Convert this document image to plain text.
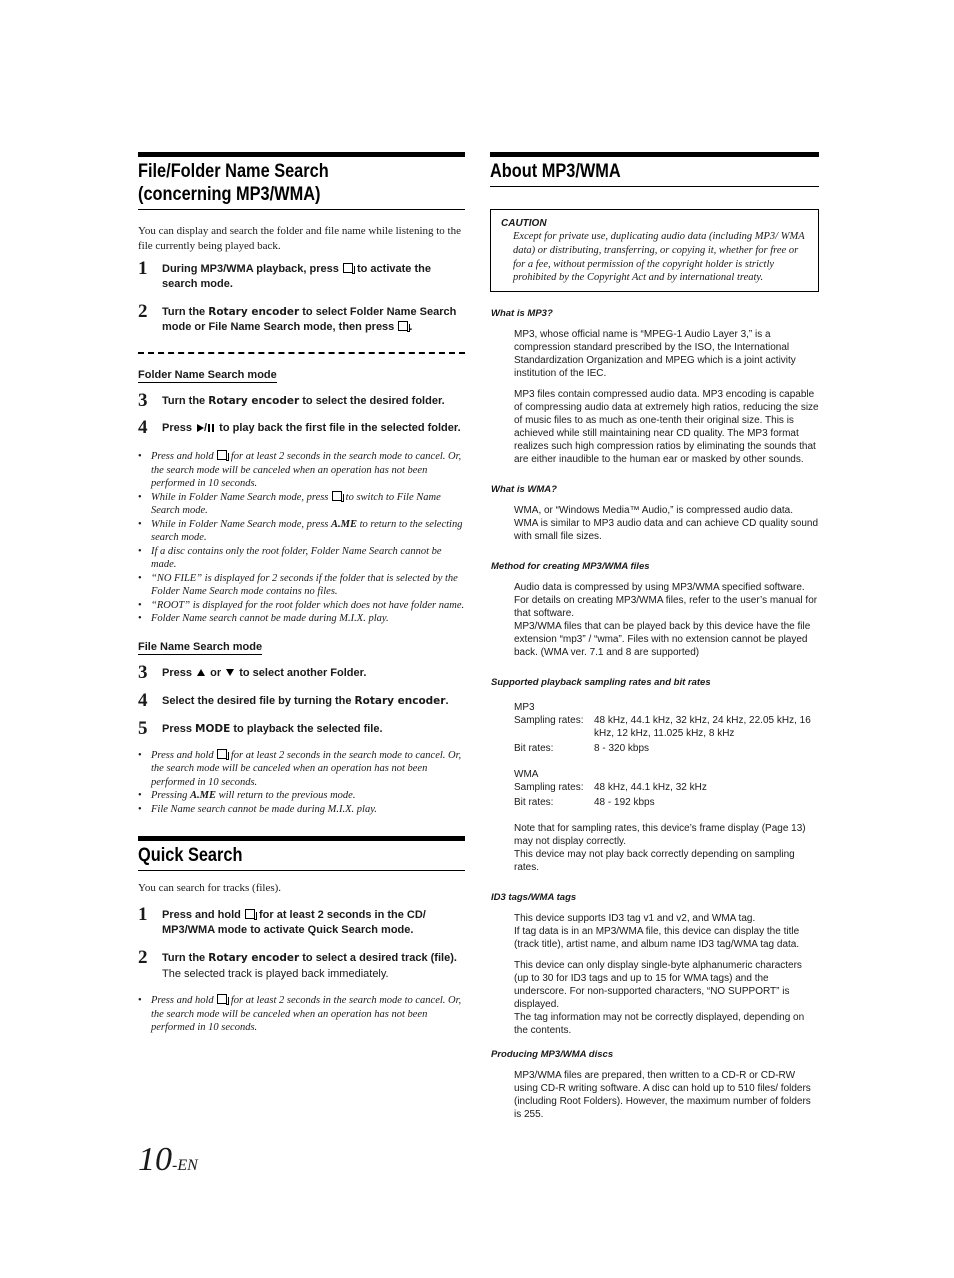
File/Folder Name Search
(concerning MP3/WMA)

You can display and search the folder and file name while listening to the file currently being played back.

1 During MP3/WMA playback, press to activate the search mode.
2 Turn the Rotary encoder to select Folder Name Search mode or File Name Search mode, then press .
Folder Name Search mode
3 Turn the Rotary encoder to select the desired folder.
4 Press / to play back the first file in the selected folder.
• Press and hold for at least 2 seconds in the search mode to cancel. Or, the search mode will be canceled when an operation has not been performed in 10 seconds.
• While in Folder Name Search mode, press to switch to File Name Search mode.
• While in Folder Name Search mode, press A.ME to return to the selecting search mode.
• If a disc contains only the root folder, Folder Name Search cannot be made.
• “NO FILE” is displayed for 2 seconds if the folder that is selected by the Folder Name Search mode contains no files.
• “ROOT” is displayed for the root folder which does not have folder name.
• Folder Name search cannot be made during M.I.X. play.
File Name Search mode
3 Press or to select another Folder.
4 Select the desired file by turning the Rotary encoder.
5 Press MODE to playback the selected file.
• Press and hold for at least 2 seconds in the search mode to cancel. Or, the search mode will be canceled when an operation has not been performed in 10 seconds.
• Pressing A.ME will return to the previous mode.
• File Name search cannot be made during M.I.X. play.
Quick Search

You can search for tracks (files).

1 Press and hold for at least 2 seconds in the CD/ MP3/WMA mode to activate Quick Search mode.
2 Turn the Rotary encoder to select a desired track (file).
The selected track is played back immediately.
• Press and hold for at least 2 seconds in the search mode to cancel. Or, the search mode will be canceled when an operation has not been performed in 10 seconds.
About MP3/WMA
CAUTION
Except for private use, duplicating audio data (including MP3/ WMA data) or distributing, transferring, or copying it, whether for free or for a fee, without permission of the copyright holder is strictly prohibited by the Copyright Act and by international treaty.
What is MP3?

MP3, whose official name is “MPEG-1 Audio Layer 3,” is a compression standard prescribed by the ISO, the International Standardization Organization and MPEG which is a joint activity institution of the IEC.

MP3 files contain compressed audio data. MP3 encoding is capable of compressing audio data at extremely high ratios, reducing the size of music files to as much as one-tenth their original size. This is achieved while still maintaining near CD quality. The MP3 format realizes such high compression ratios by eliminating the sounds that are either inaudible to the human ear or masked by other sounds.

What is WMA?

WMA, or “Windows Media™ Audio,” is compressed audio data. WMA is similar to MP3 audio data and can achieve CD quality sound with small file sizes.

Method for creating MP3/WMA files

Audio data is compressed by using MP3/WMA specified software. For details on creating MP3/WMA files, refer to the user’s manual for that software.

MP3/WMA files that can be played back by this device have the file extension “mp3” / “wma”. Files with no extension cannot be played back. (WMA ver. 7.1 and 8 are supported)

Supported playback sampling rates and bit rates

MP3

Sampling rates:	48 kHz, 44.1 kHz, 32 kHz, 24 kHz, 22.05 kHz, 16 kHz, 12 kHz, 11.025 kHz, 8 kHz
Bit rates:	8 - 320 kbps

WMA

Sampling rates:	48 kHz, 44.1 kHz, 32 kHz
Bit rates:	48 - 192 kbps

Note that for sampling rates, this device’s frame display (Page 13) may not display correctly.

This device may not play back correctly depending on sampling rates.

ID3 tags/WMA tags

This device supports ID3 tag v1 and v2, and WMA tag.

If tag data is in an MP3/WMA file, this device can display the title (track title), artist name, and album name ID3 tag/WMA tag data.

This device can only display single-byte alphanumeric characters (up to 30 for ID3 tags and up to 15 for WMA tags) and the underscore. For non-supported characters, “NO SUPPORT” is displayed.

The tag information may not be correctly displayed, depending on the contents.

Producing MP3/WMA discs

MP3/WMA files are prepared, then written to a CD-R or CD-RW using CD-R writing software. A disc can hold up to 510 files/ folders (including Root Folders). However, the maximum number of folders is 255.

10-EN
